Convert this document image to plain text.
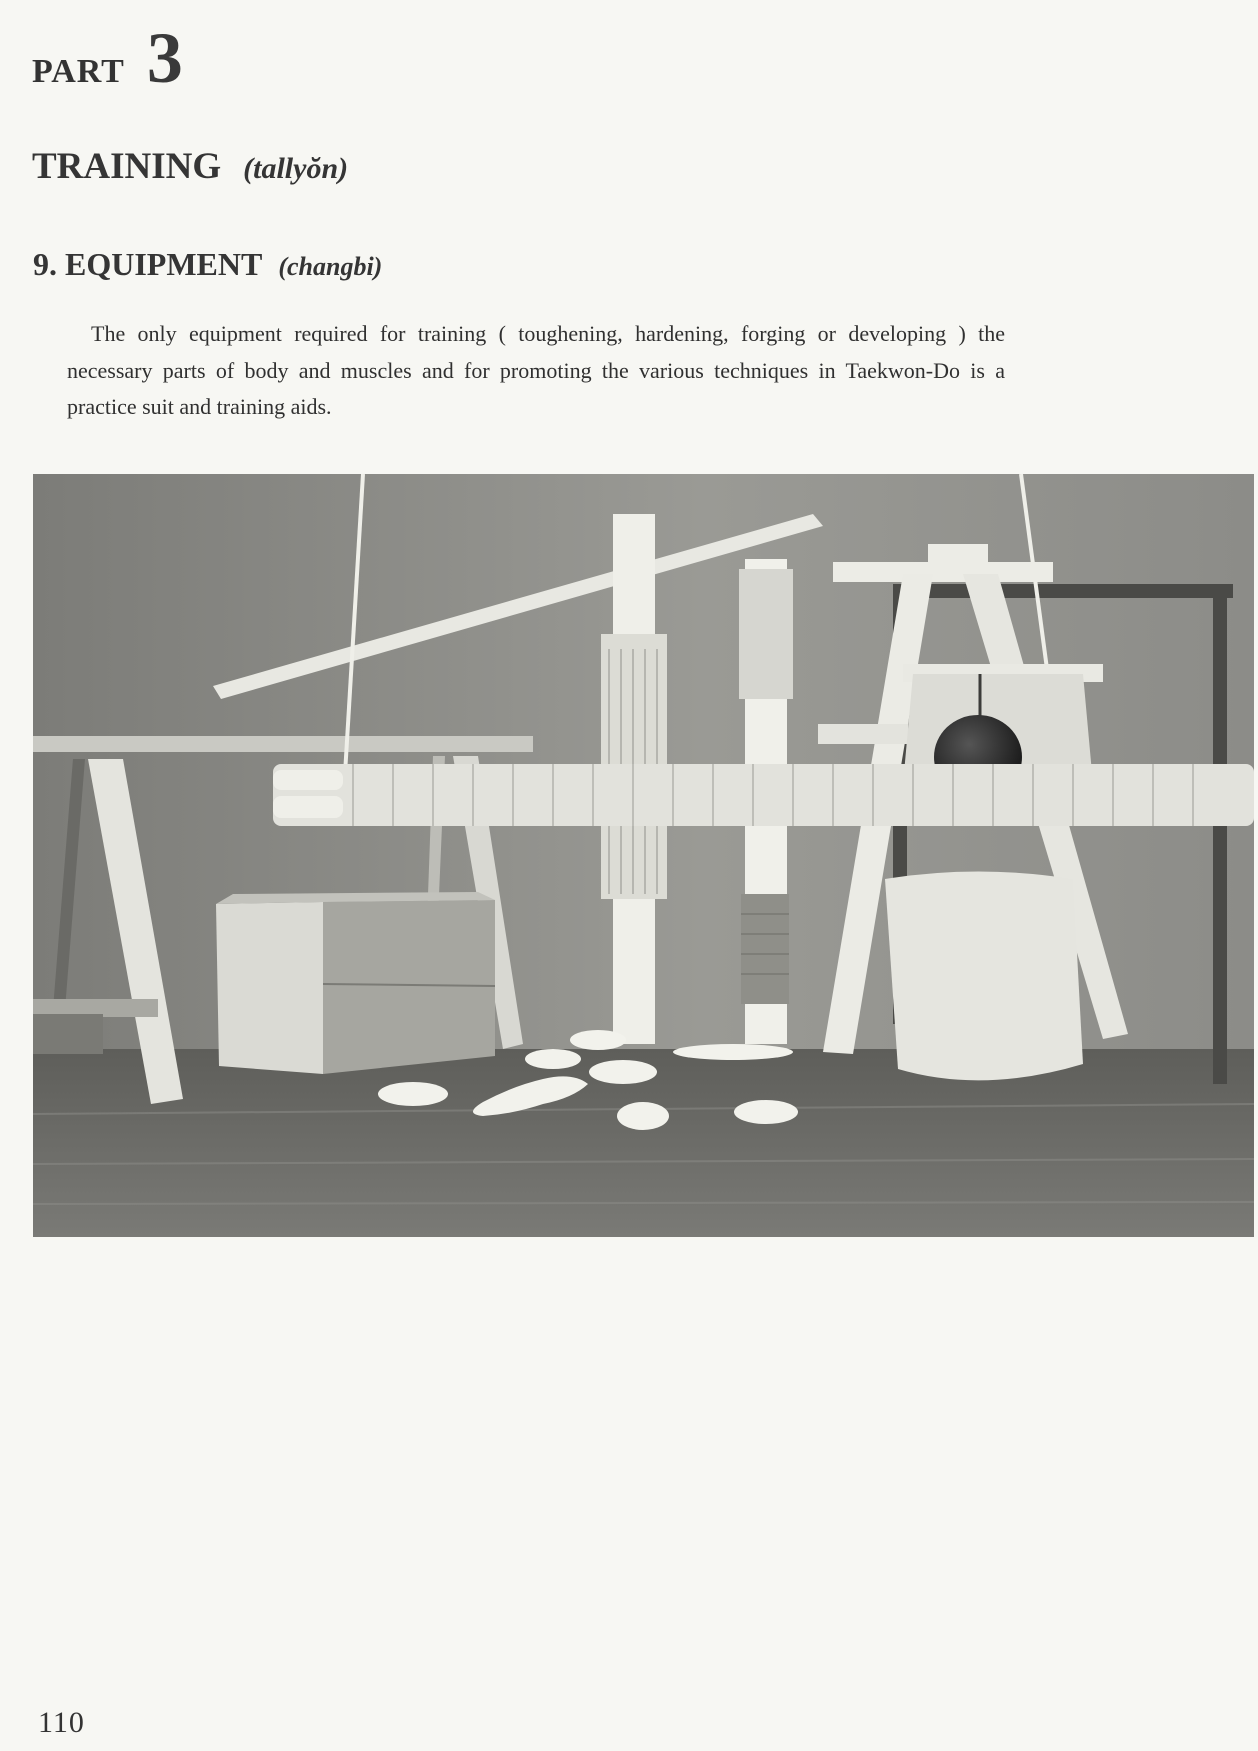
PART 3
TRAINING (tallyŏn)
9. EQUIPMENT (changbi)

The only equipment required for training ( toughening, hardening, forging or developing ) the necessary parts of body and muscles and for promoting the various techniques in Taekwon-Do is a practice suit and training aids.

110
